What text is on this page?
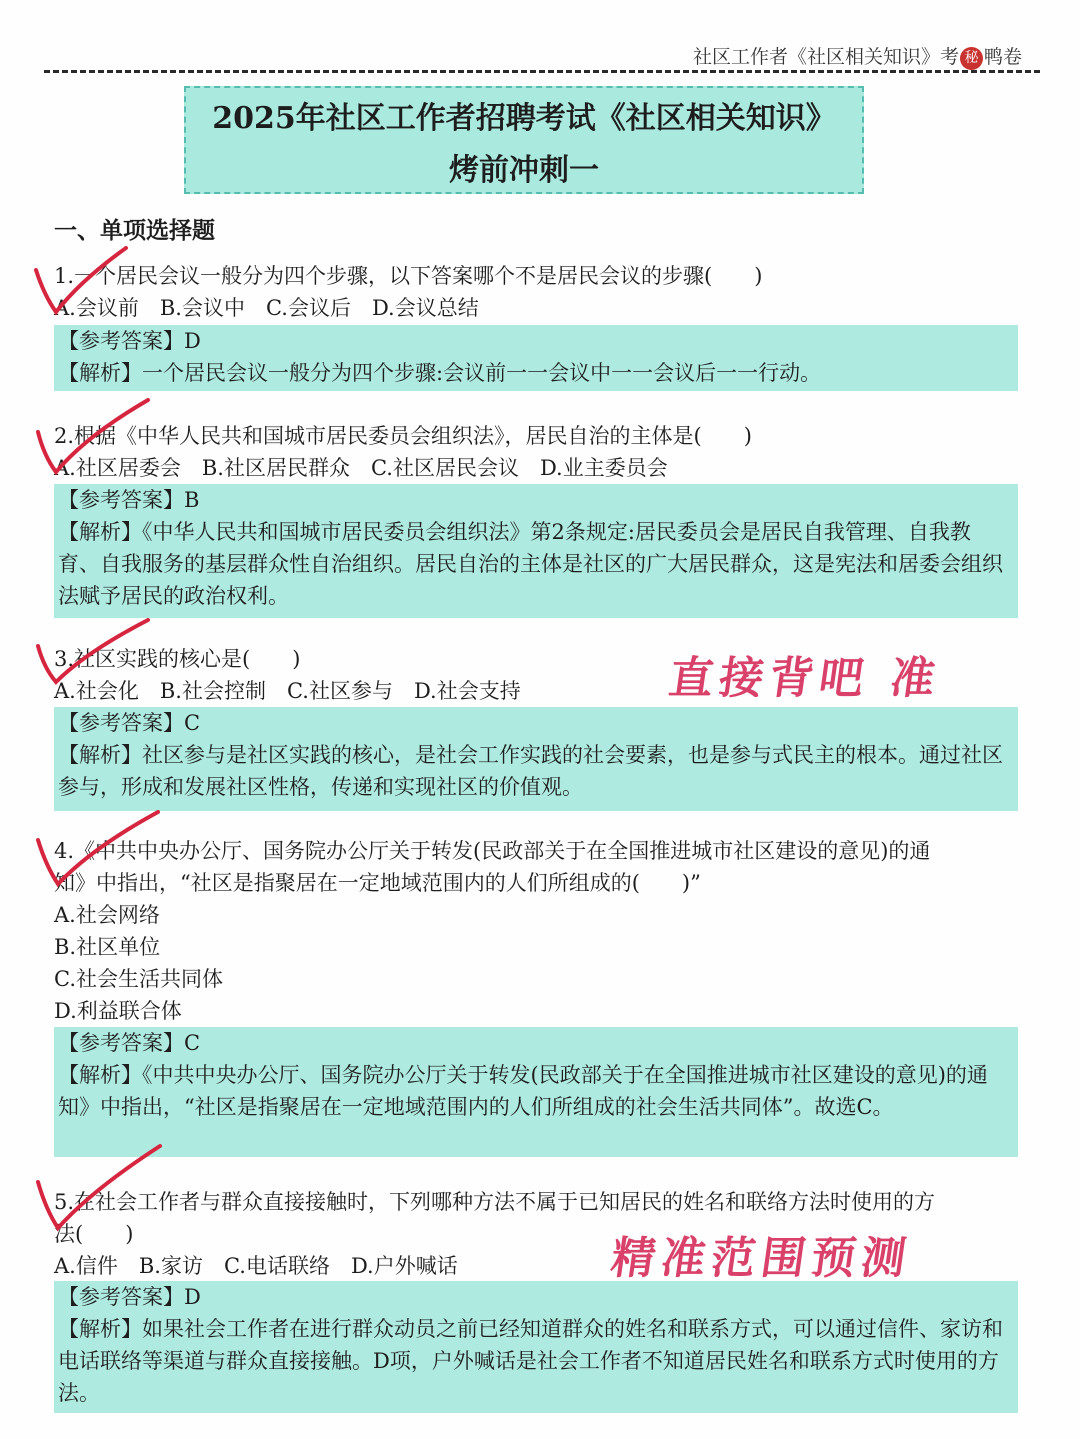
社区工作者《社区相关知识》考 秘 鸭卷
2025年社区工作者招聘考试《社区相关知识》
烤前冲刺一
一、单项选择题
1.一个居民会议一般分为四个步骤，以下答案哪个不是居民会议的步骤(　　)
A.会议前　B.会议中　C.会议后　D.会议总结

【参考答案】D

【解析】一个居民会议一般分为四个步骤:会议前一一会议中一一会议后一一行动。

2.根据《中华人民共和国城市居民委员会组织法》，居民自治的主体是(　　)
A.社区居委会　B.社区居民群众　C.社区居民会议　D.业主委员会

【参考答案】B

【解析】《中华人民共和国城市居民委员会组织法》第2条规定:居民委员会是居民自我管理、自我教育、自我服务的基层群众性自治组织。居民自治的主体是社区的广大居民群众，这是宪法和居委会组织法赋予居民的政治权利。

3.社区实践的核心是(　　)
A.社会化　B.社会控制　C.社区参与　D.社会支持

【参考答案】C

【解析】社区参与是社区实践的核心，是社会工作实践的社会要素，也是参与式民主的根本。通过社区参与，形成和发展社区性格，传递和实现社区的价值观。

4.《中共中央办公厅、国务院办公厅关于转发(民政部关于在全国推进城市社区建设的意见)的通
知》中指出，“社区是指聚居在一定地域范围内的人们所组成的(　　)”
A.社会网络
B.社区单位
C.社会生活共同体
D.利益联合体

【参考答案】C

【解析】《中共中央办公厅、国务院办公厅关于转发(民政部关于在全国推进城市社区建设的意见)的通知》中指出，“社区是指聚居在一定地域范围内的人们所组成的社会生活共同体”。故选C。

5.在社会工作者与群众直接接触时，下列哪种方法不属于已知居民的姓名和联络方法时使用的方
法(　　)
A.信件　B.家访　C.电话联络　D.户外喊话

【参考答案】D

【解析】如果社会工作者在进行群众动员之前已经知道群众的姓名和联系方式，可以通过信件、家访和电话联络等渠道与群众直接接触。D项，户外喊话是社会工作者不知道居民姓名和联系方式时使用的方法。

直接背吧 准
精准范围预测
